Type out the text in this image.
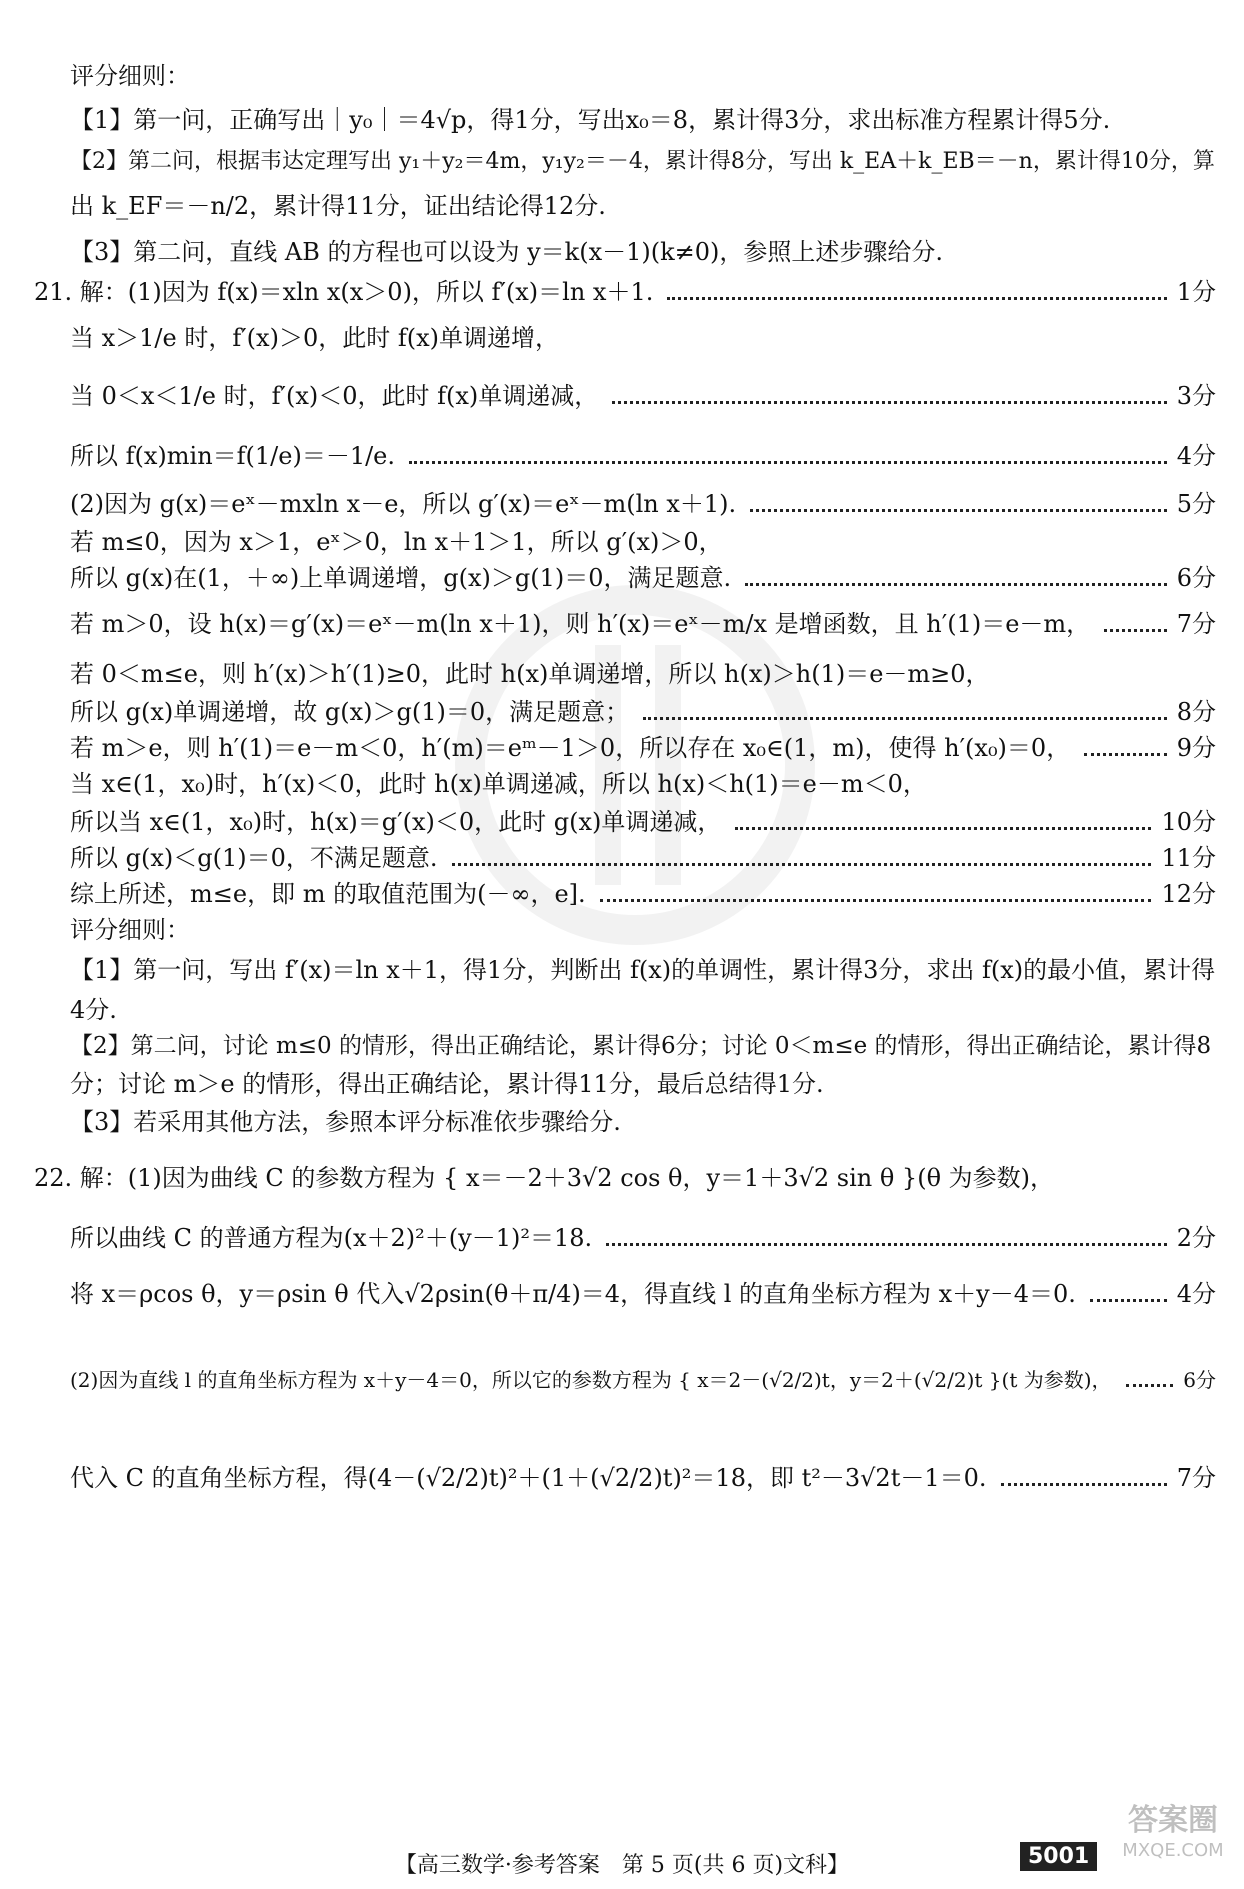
评分细则：
【1】第一问，正确写出｜y₀｜＝4√p，得1分，写出x₀＝8，累计得3分，求出标准方程累计得5分.
【2】第二问，根据韦达定理写出 y₁＋y₂＝4m，y₁y₂＝－4，累计得8分，写出 k_EA＋k_EB＝－n，累计得10分，算
出 k_EF＝－n/2，累计得11分，证出结论得12分.
【3】第二问，直线 AB 的方程也可以设为 y＝k(x－1)(k≠0)，参照上述步骤给分.
21. 解：(1)因为 f(x)＝xln x(x＞0)，所以 f′(x)＝ln x＋1.	1分
当 x＞1/e 时，f′(x)＞0，此时 f(x)单调递增，
当 0＜x＜1/e 时，f′(x)＜0，此时 f(x)单调递减，	3分
所以 f(x)min＝f(1/e)＝－1/e.	4分
(2)因为 g(x)＝eˣ－mxln x－e，所以 g′(x)＝eˣ－m(ln x＋1).	5分
若 m≤0，因为 x＞1，eˣ＞0，ln x＋1＞1，所以 g′(x)＞0，
所以 g(x)在(1，＋∞)上单调递增，g(x)＞g(1)＝0，满足题意.	6分
若 m＞0，设 h(x)＝g′(x)＝eˣ－m(ln x＋1)，则 h′(x)＝eˣ－m/x 是增函数，且 h′(1)＝e－m，	7分
若 0＜m≤e，则 h′(x)＞h′(1)≥0，此时 h(x)单调递增，所以 h(x)＞h(1)＝e－m≥0，
所以 g(x)单调递增，故 g(x)＞g(1)＝0，满足题意；	8分
若 m＞e，则 h′(1)＝e－m＜0，h′(m)＝eᵐ－1＞0，所以存在 x₀∈(1，m)，使得 h′(x₀)＝0，	9分
当 x∈(1，x₀)时，h′(x)＜0，此时 h(x)单调递减，所以 h(x)＜h(1)＝e－m＜0，
所以当 x∈(1，x₀)时，h(x)＝g′(x)＜0，此时 g(x)单调递减，	10分
所以 g(x)＜g(1)＝0，不满足题意.	11分
综上所述，m≤e，即 m 的取值范围为(－∞，e].	12分
评分细则：
【1】第一问，写出 f′(x)＝ln x＋1，得1分，判断出 f(x)的单调性，累计得3分，求出 f(x)的最小值，累计得
4分.
【2】第二问，讨论 m≤0 的情形，得出正确结论，累计得6分；讨论 0＜m≤e 的情形，得出正确结论，累计得8
分；讨论 m＞e 的情形，得出正确结论，累计得11分，最后总结得1分.
【3】若采用其他方法，参照本评分标准依步骤给分.
22. 解：(1)因为曲线 C 的参数方程为 { x＝－2＋3√2 cos θ，y＝1＋3√2 sin θ }(θ 为参数)，
所以曲线 C 的普通方程为(x＋2)²＋(y－1)²＝18.	2分
将 x＝ρcos θ，y＝ρsin θ 代入√2ρsin(θ＋π/4)＝4，得直线 l 的直角坐标方程为 x＋y－4＝0.	4分
(2)因为直线 l 的直角坐标方程为 x＋y－4＝0，所以它的参数方程为 { x＝2－(√2/2)t，y＝2＋(√2/2)t }(t 为参数)，	6分
代入 C 的直角坐标方程，得(4－(√2/2)t)²＋(1＋(√2/2)t)²＝18，即 t²－3√2t－1＝0.	7分
【高三数学·参考答案　第 5 页(共 6 页)文科】	5001
答案圈
MXQE.COM
